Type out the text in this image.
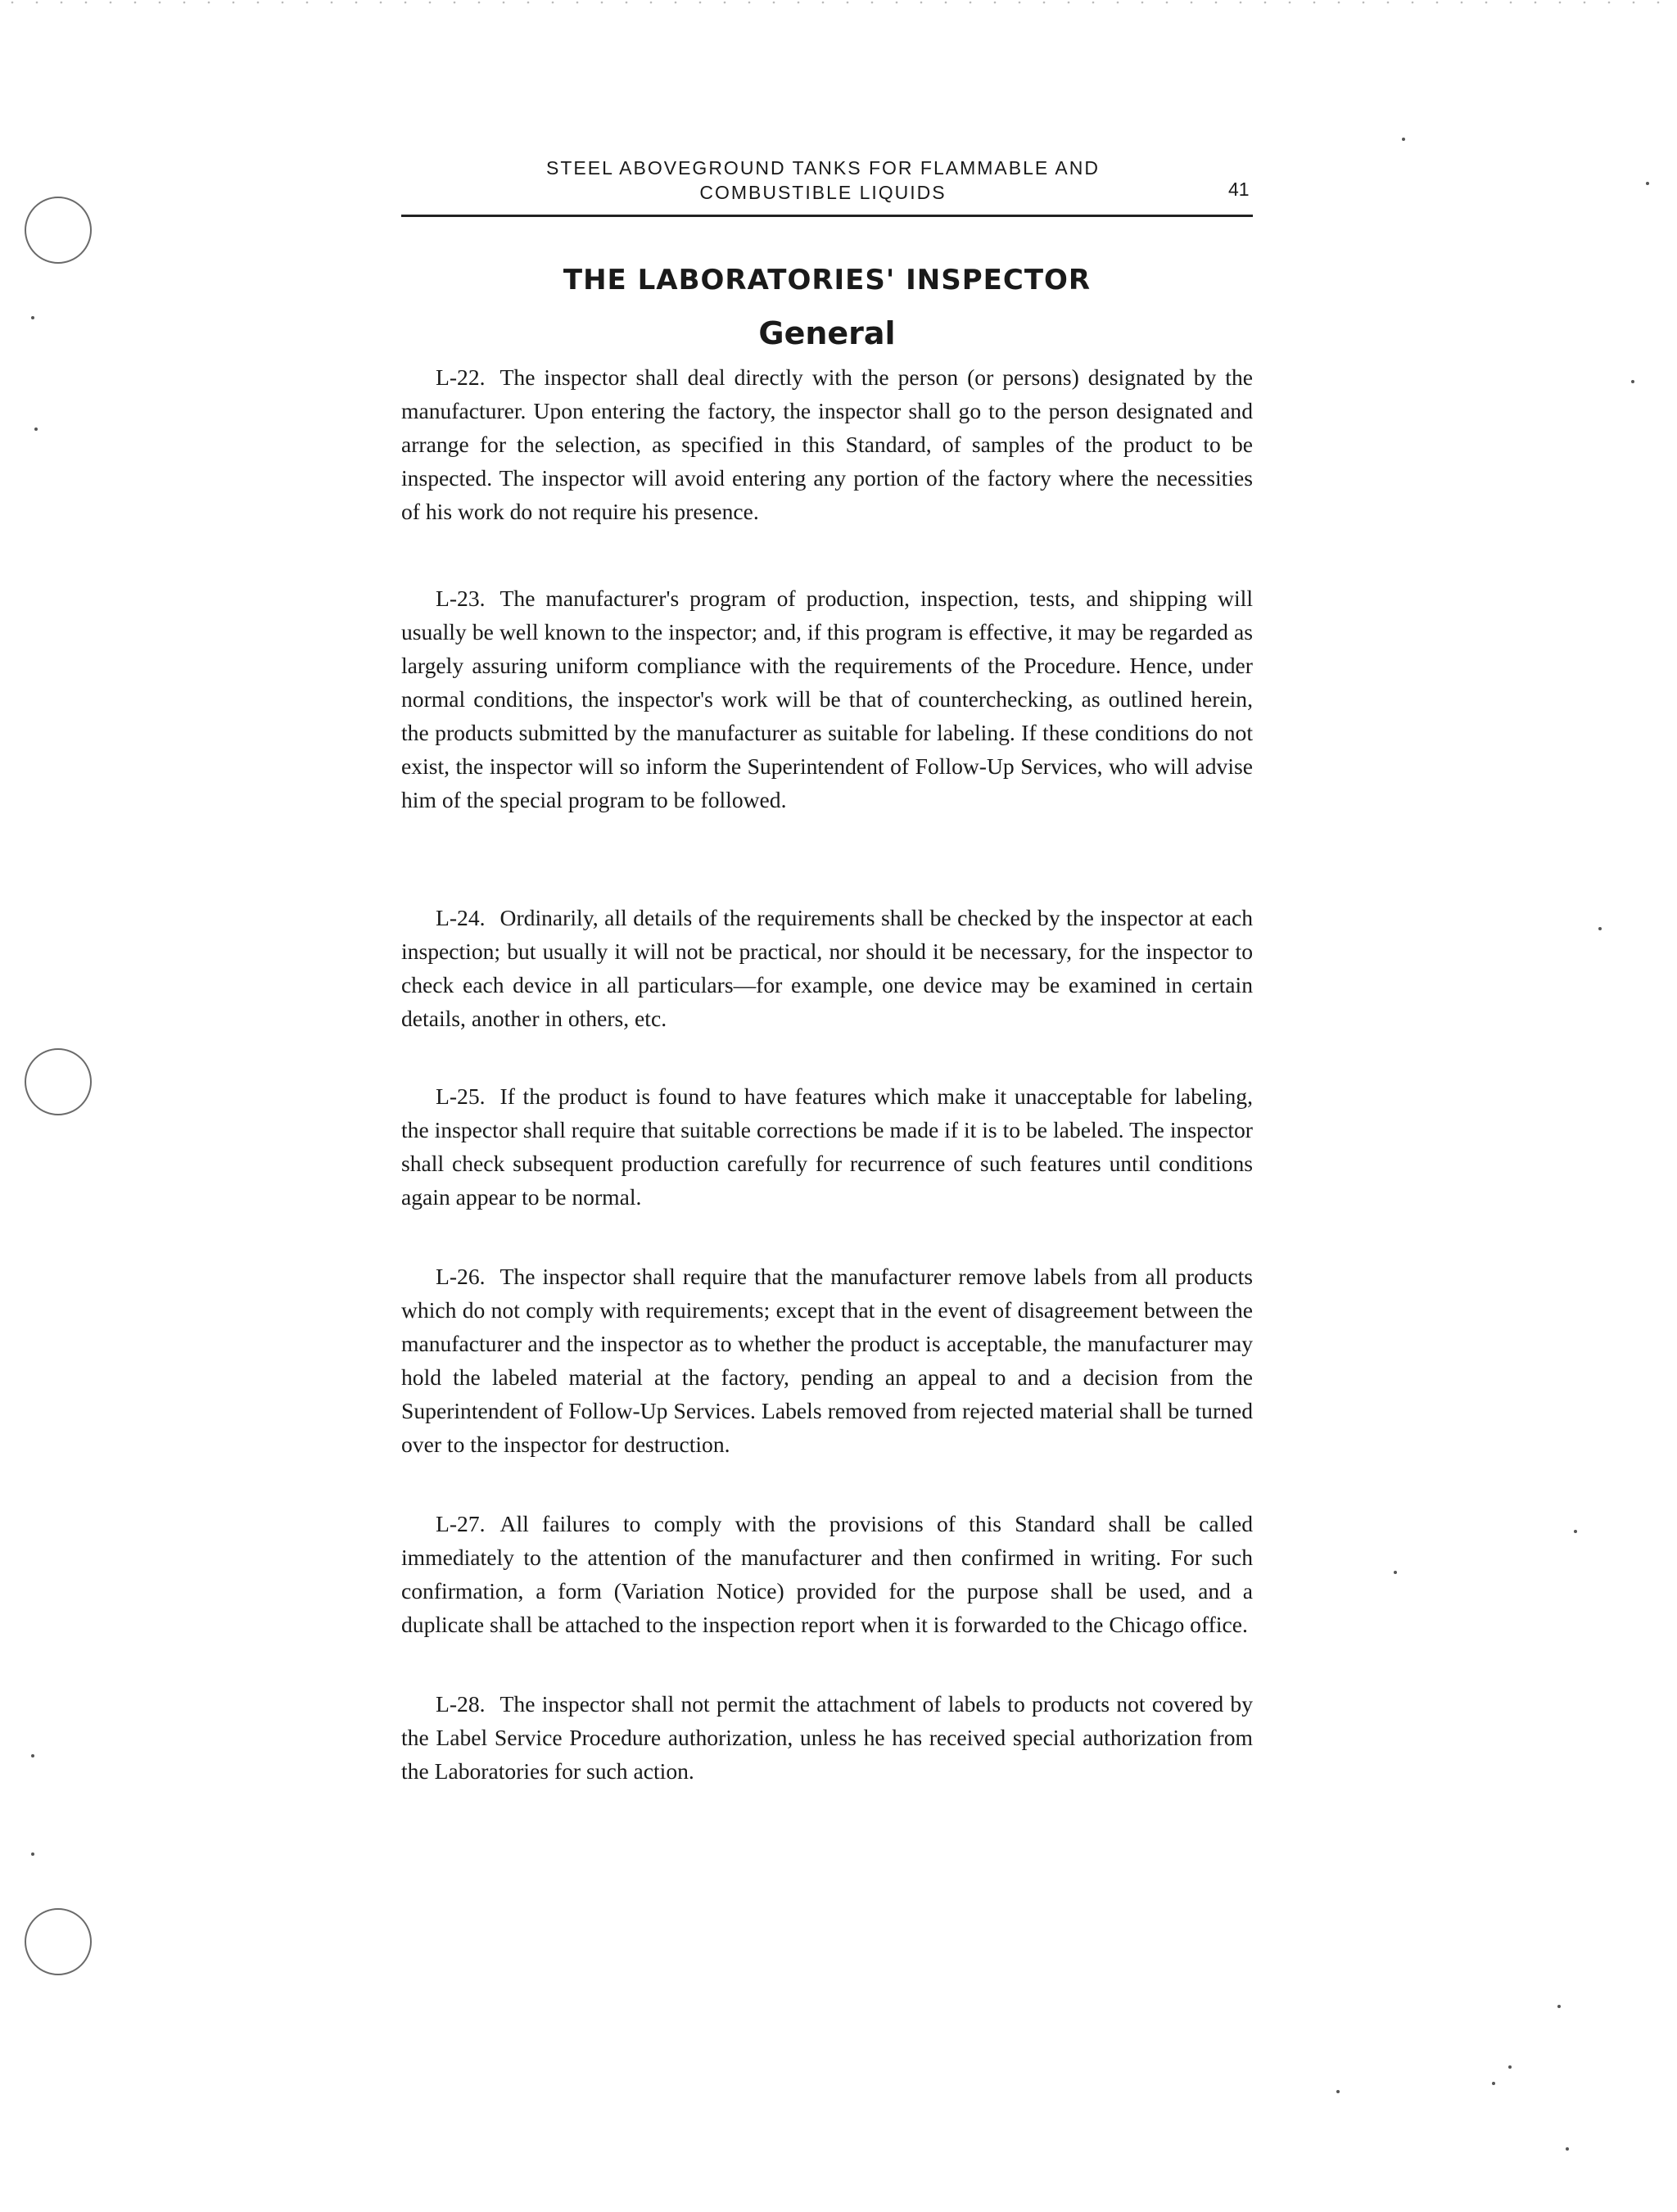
STEEL ABOVEGROUND TANKS FOR FLAMMABLE AND
COMBUSTIBLE LIQUIDS	41
THE LABORATORIES' INSPECTOR
General

L-22. The inspector shall deal directly with the person (or persons) designated by the manufacturer. Upon entering the factory, the inspector shall go to the person designated and arrange for the selection, as specified in this Standard, of samples of the product to be inspected. The inspector will avoid entering any portion of the factory where the necessities of his work do not require his presence.

L-23. The manufacturer's program of production, inspection, tests, and shipping will usually be well known to the inspector; and, if this program is effective, it may be regarded as largely assuring uniform compliance with the requirements of the Procedure. Hence, under normal conditions, the inspector's work will be that of counterchecking, as outlined herein, the products submitted by the manufacturer as suitable for labeling. If these conditions do not exist, the inspector will so inform the Superintendent of Follow-Up Services, who will advise him of the special program to be followed.

L-24. Ordinarily, all details of the requirements shall be checked by the inspector at each inspection; but usually it will not be practical, nor should it be necessary, for the inspector to check each device in all particulars—for example, one device may be examined in certain details, another in others, etc.

L-25. If the product is found to have features which make it unacceptable for labeling, the inspector shall require that suitable corrections be made if it is to be labeled. The inspector shall check subsequent production carefully for recurrence of such features until conditions again appear to be normal.

L-26. The inspector shall require that the manufacturer remove labels from all products which do not comply with requirements; except that in the event of disagreement between the manufacturer and the inspector as to whether the product is acceptable, the manufacturer may hold the labeled material at the factory, pending an appeal to and a decision from the Superintendent of Follow-Up Services. Labels removed from rejected material shall be turned over to the inspector for destruction.

L-27. All failures to comply with the provisions of this Standard shall be called immediately to the attention of the manufacturer and then confirmed in writing. For such confirmation, a form (Variation Notice) provided for the purpose shall be used, and a duplicate shall be attached to the inspection report when it is forwarded to the Chicago office.

L-28. The inspector shall not permit the attachment of labels to products not covered by the Label Service Procedure authorization, unless he has received special authorization from the Laboratories for such action.
